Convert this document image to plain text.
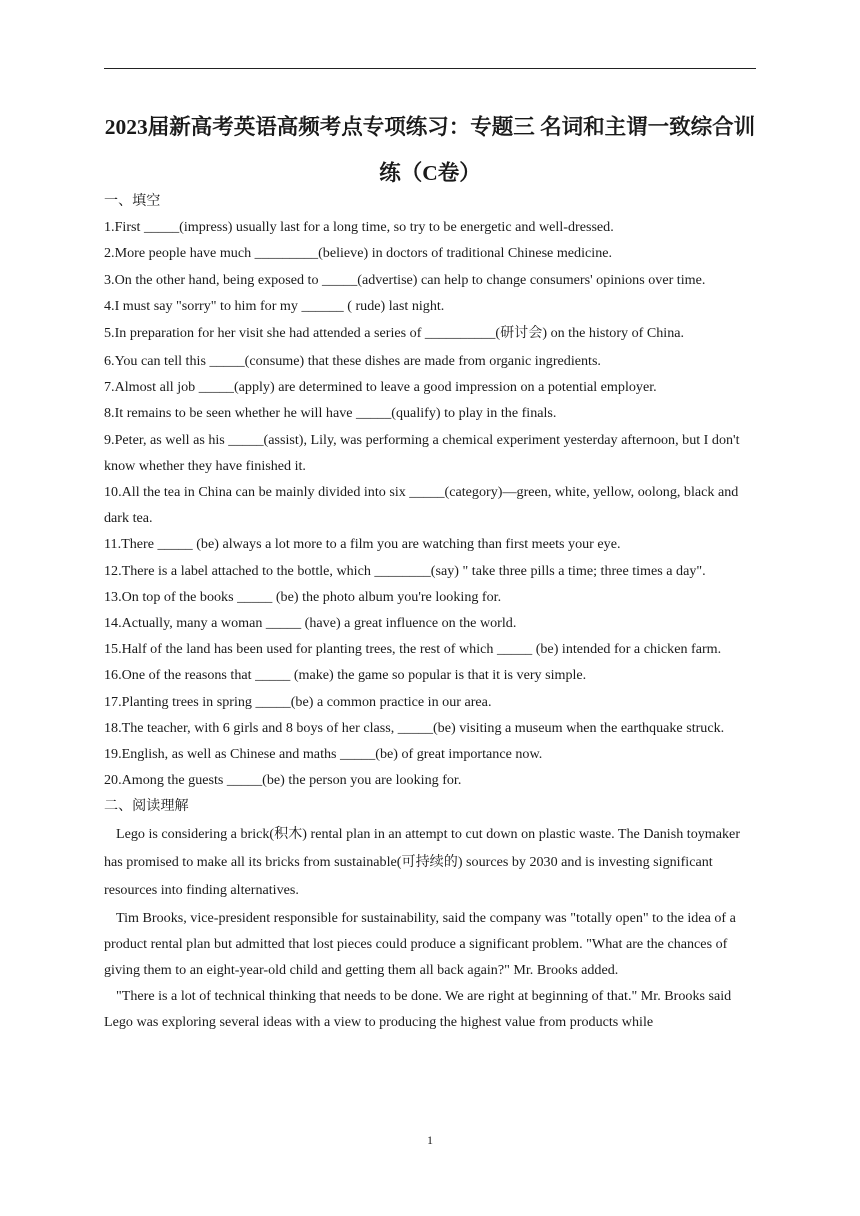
2023届新高考英语高频考点专项练习：专题三 名词和主谓一致综合训练（C卷）

一、填空

1.First _____(impress) usually last for a long time, so try to be energetic and well-dressed.

2.More people have much _________(believe) in doctors of traditional Chinese medicine.

3.On the other hand, being exposed to _____(advertise) can help to change consumers' opinions over time.

4.I must say "sorry" to him for my ______ ( rude) last night.

5.In preparation for her visit she had attended a series of __________(研讨会) on the history of China.

6.You can tell this _____(consume) that these dishes are made from organic ingredients.

7.Almost all job _____(apply) are determined to leave a good impression on a potential employer.

8.It remains to be seen whether he will have _____(qualify) to play in the finals.

9.Peter, as well as his _____(assist), Lily, was performing a chemical experiment yesterday afternoon, but I don't know whether they have finished it.

10.All the tea in China can be mainly divided into six _____(category)—green, white, yellow, oolong, black and dark tea.

11.There _____ (be) always a lot more to a film you are watching than first meets your eye.

12.There is a label attached to the bottle, which ________(say) " take three pills a time; three times a day".

13.On top of the books _____ (be) the photo album you're looking for.

14.Actually, many a woman _____ (have) a great influence on the world.

15.Half of the land has been used for planting trees, the rest of which _____ (be) intended for a chicken farm.

16.One of the reasons that _____ (make) the game so popular is that it is very simple.

17.Planting trees in spring _____(be) a common practice in our area.

18.The teacher, with 6 girls and 8 boys of her class, _____(be) visiting a museum when the earthquake struck.

19.English, as well as Chinese and maths _____(be) of great importance now.

20.Among the guests _____(be) the person you are looking for.

二、阅读理解

Lego is considering a brick(积木) rental plan in an attempt to cut down on plastic waste. The Danish toymaker has promised to make all its bricks from sustainable(可持续的) sources by 2030 and is investing significant resources into finding alternatives.

Tim Brooks, vice-president responsible for sustainability, said the company was "totally open" to the idea of a product rental plan but admitted that lost pieces could produce a significant problem. "What are the chances of giving them to an eight-year-old child and getting them all back again?" Mr. Brooks added.

"There is a lot of technical thinking that needs to be done. We are right at beginning of that." Mr. Brooks said Lego was exploring several ideas with a view to producing the highest value from products while

1
